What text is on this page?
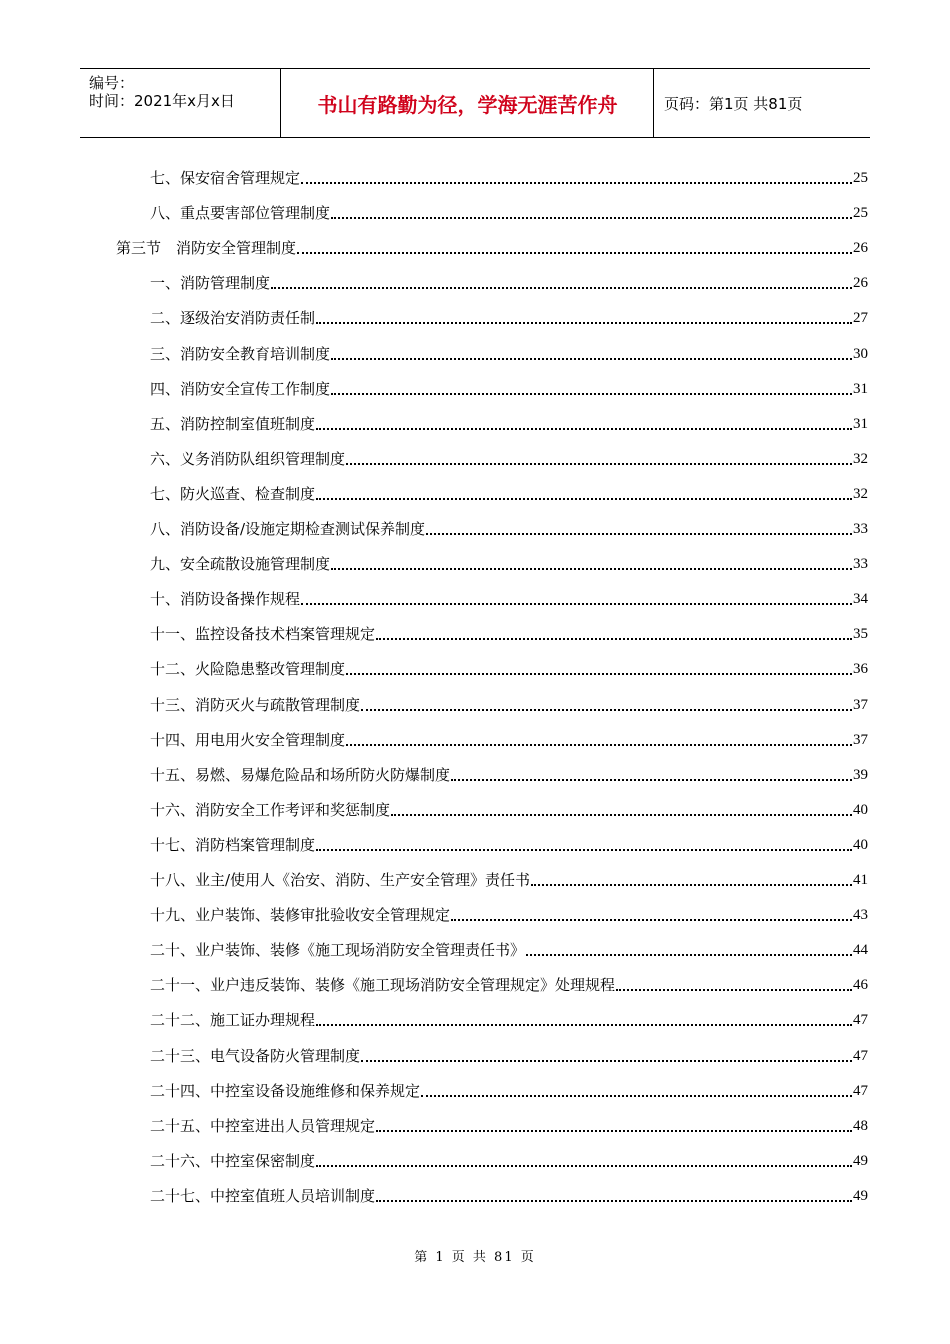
编号：
时间：2021年x月x日	书山有路勤为径，学海无涯苦作舟	页码：第1页 共81页
七、保安宿舍管理规定	25
八、重点要害部位管理制度	25
第三节　消防安全管理制度	26
一、消防管理制度	26
二、逐级治安消防责任制	27
三、消防安全教育培训制度	30
四、消防安全宣传工作制度	31
五、消防控制室值班制度	31
六、义务消防队组织管理制度	32
七、防火巡查、检查制度	32
八、消防设备/设施定期检查测试保养制度	33
九、安全疏散设施管理制度	33
十、消防设备操作规程	34
十一、监控设备技术档案管理规定	35
十二、火险隐患整改管理制度	36
十三、消防灭火与疏散管理制度	37
十四、用电用火安全管理制度	37
十五、易燃、易爆危险品和场所防火防爆制度	39
十六、消防安全工作考评和奖惩制度	40
十七、消防档案管理制度	40
十八、业主/使用人《治安、消防、生产安全管理》责任书	41
十九、业户装饰、装修审批验收安全管理规定	43
二十、业户装饰、装修《施工现场消防安全管理责任书》	44
二十一、业户违反装饰、装修《施工现场消防安全管理规定》处理规程	46
二十二、施工证办理规程	47
二十三、电气设备防火管理制度	47
二十四、中控室设备设施维修和保养规定	47
二十五、中控室进出人员管理规定	48
二十六、中控室保密制度	49
二十七、中控室值班人员培训制度	49
第 1 页 共 81 页
